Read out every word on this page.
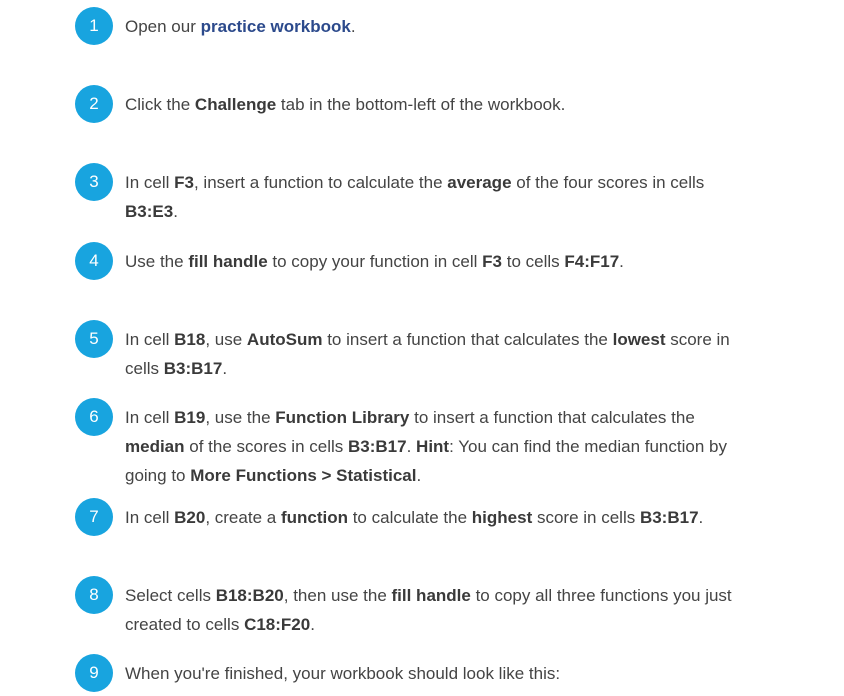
1	Open our practice workbook.
2	Click the Challenge tab in the bottom-left of the workbook.
3	In cell F3, insert a function to calculate the average of the four scores in cells B3:E3.
4	Use the fill handle to copy your function in cell F3 to cells F4:F17.
5	In cell B18, use AutoSum to insert a function that calculates the lowest score in cells B3:B17.
6	In cell B19, use the Function Library to insert a function that calculates the median of the scores in cells B3:B17. Hint: You can find the median function by going to More Functions > Statistical.
7	In cell B20, create a function to calculate the highest score in cells B3:B17.
8	Select cells B18:B20, then use the fill handle to copy all three functions you just created to cells C18:F20.
9	When you're finished, your workbook should look like this:
